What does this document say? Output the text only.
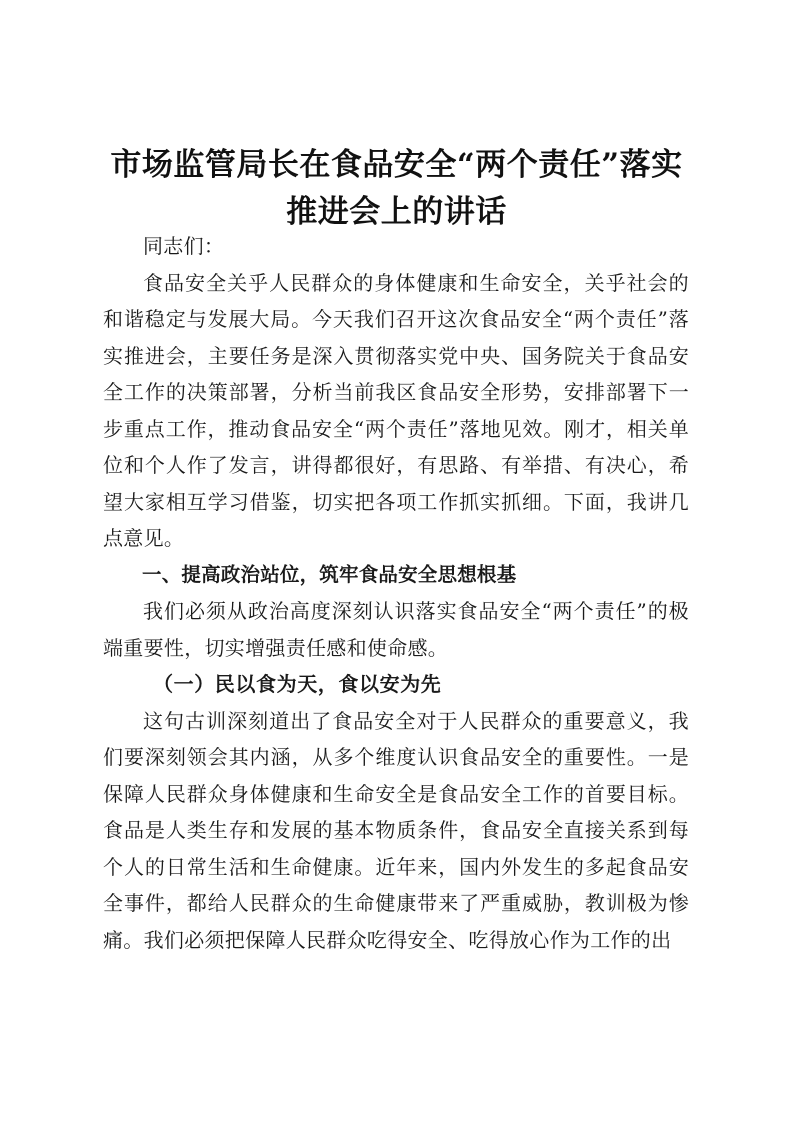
市场监管局长在食品安全“两个责任”落实推进会上的讲话

同志们：

食品安全关乎人民群众的身体健康和生命安全，关乎社会的和谐稳定与发展大局。今天我们召开这次食品安全“两个责任”落实推进会，主要任务是深入贯彻落实党中央、国务院关于食品安全工作的决策部署，分析当前我区食品安全形势，安排部署下一步重点工作，推动食品安全“两个责任”落地见效。刚才，相关单位和个人作了发言，讲得都很好，有思路、有举措、有决心，希望大家相互学习借鉴，切实把各项工作抓实抓细。下面，我讲几点意见。

一、提高政治站位，筑牢食品安全思想根基

我们必须从政治高度深刻认识落实食品安全“两个责任”的极端重要性，切实增强责任感和使命感。

（一）民以食为天，食以安为先

这句古训深刻道出了食品安全对于人民群众的重要意义，我们要深刻领会其内涵，从多个维度认识食品安全的重要性。一是保障人民群众身体健康和生命安全是食品安全工作的首要目标。食品是人类生存和发展的基本物质条件，食品安全直接关系到每个人的日常生活和生命健康。近年来，国内外发生的多起食品安全事件，都给人民群众的生命健康带来了严重威胁，教训极为惨痛。我们必须把保障人民群众吃得安全、吃得放心作为工作的出
